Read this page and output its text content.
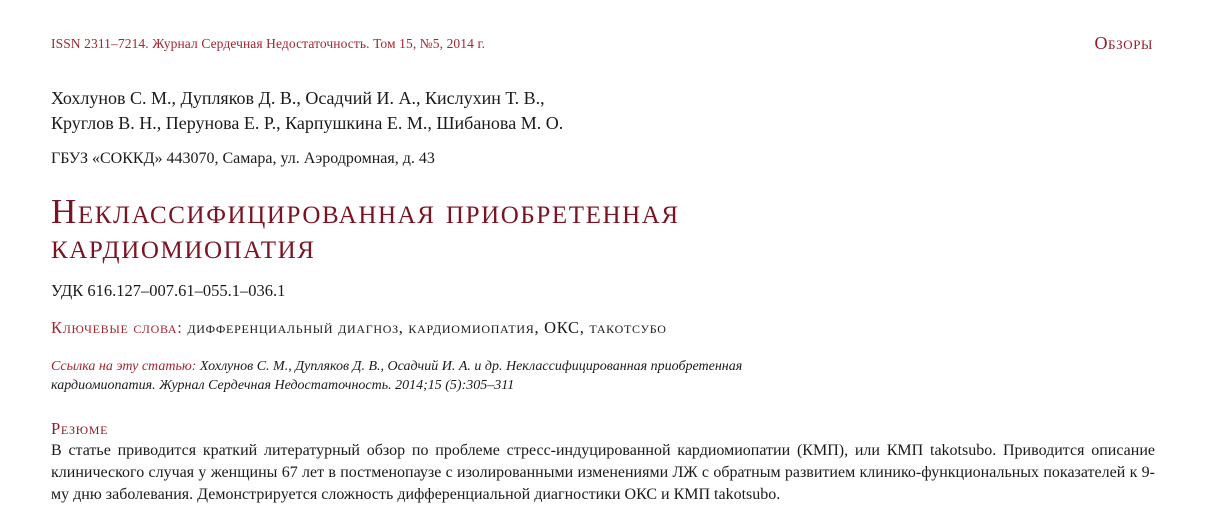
ISSN 2311–7214. Журнал Сердечная Недостаточность. Том 15, №5, 2014 г.	Обзоры
Хохлунов С. М., Дупляков Д. В., Осадчий И. А., Кислухин Т. В.,
Круглов В. Н., Перунова Е. Р., Карпушкина Е. М., Шибанова М. О.
ГБУЗ «СОККД» 443070, Самара, ул. Аэродромная, д. 43
Неклассифицированная приобретенная
кардиомиопатия
УДК 616.127–007.61–055.1–036.1
Ключевые слова: дифференциальный диагноз, кардиомиопатия, ОКС, такотсубо
Ссылка на эту статью: Хохлунов С. М., Дупляков Д. В., Осадчий И. А. и др. Неклассифицированная приобретенная
кардиомиопатия. Журнал Сердечная Недостаточность. 2014;15 (5):305–311
Резюме
В статье приводится краткий литературный обзор по проблеме стресс-индуцированной кардиомиопатии (КМП), или КМП takotsubo. Приводится описание клинического случая у женщины 67 лет в постменопаузе с изолированными изменениями ЛЖ с обратным развитием клинико-функциональных показателей к 9-му дню заболевания. Демонстрируется сложность дифференциальной диагностики ОКС и КМП takotsubo.
